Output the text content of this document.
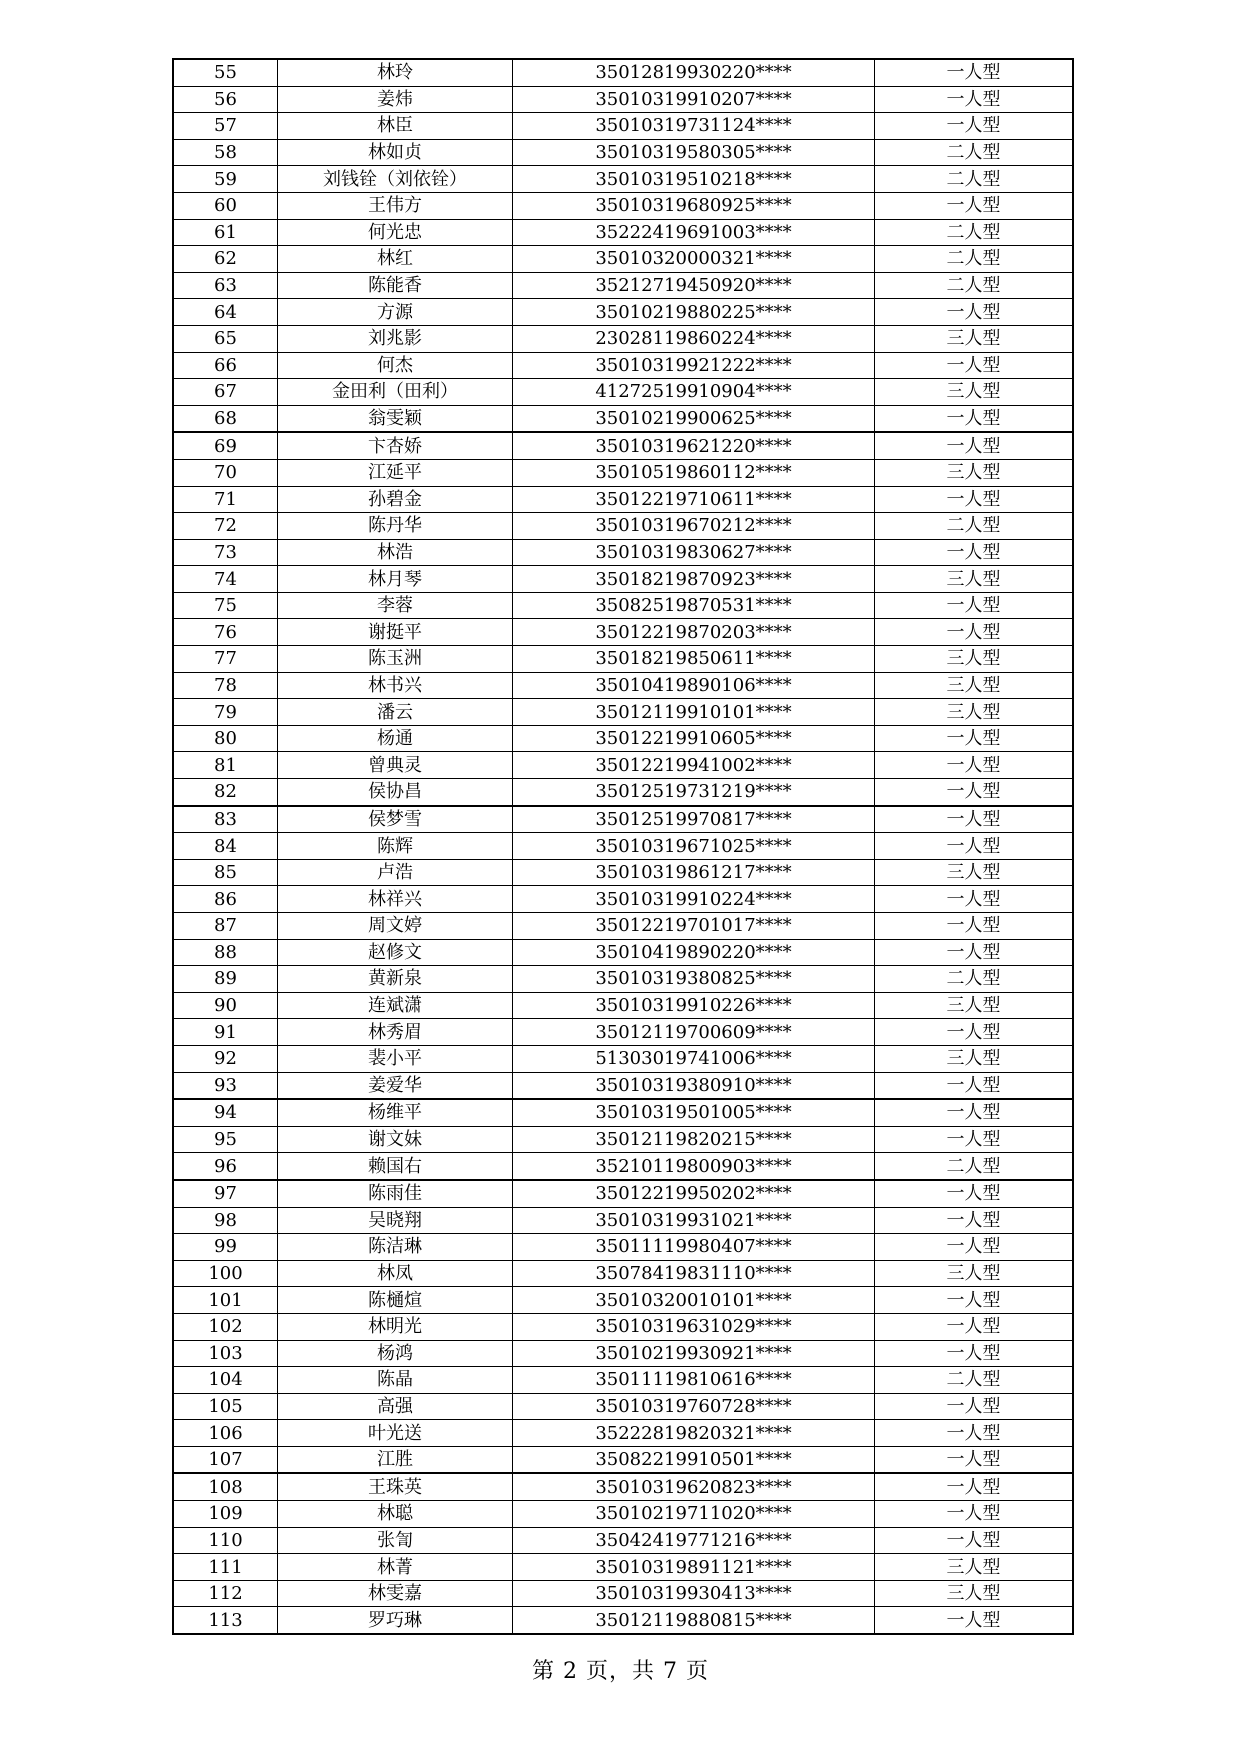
55	林玲	35012819930220****	一人型
56	姜炜	35010319910207****	一人型
57	林臣	35010319731124****	一人型
58	林如贞	35010319580305****	二人型
59	刘钱铨（刘依铨）	35010319510218****	二人型
60	王伟方	35010319680925****	一人型
61	何光忠	35222419691003****	二人型
62	林红	35010320000321****	二人型
63	陈能香	35212719450920****	二人型
64	方源	35010219880225****	一人型
65	刘兆影	23028119860224****	三人型
66	何杰	35010319921222****	一人型
67	金田利（田利）	41272519910904****	三人型
68	翁雯颖	35010219900625****	一人型
69	卞杏娇	35010319621220****	一人型
70	江延平	35010519860112****	三人型
71	孙碧金	35012219710611****	一人型
72	陈丹华	35010319670212****	二人型
73	林浩	35010319830627****	一人型
74	林月琴	35018219870923****	三人型
75	李蓉	35082519870531****	一人型
76	谢挺平	35012219870203****	一人型
77	陈玉洲	35018219850611****	三人型
78	林书兴	35010419890106****	三人型
79	潘云	35012119910101****	三人型
80	杨通	35012219910605****	一人型
81	曾典灵	35012219941002****	一人型
82	侯协昌	35012519731219****	一人型
83	侯梦雪	35012519970817****	一人型
84	陈辉	35010319671025****	一人型
85	卢浩	35010319861217****	三人型
86	林祥兴	35010319910224****	一人型
87	周文婷	35012219701017****	一人型
88	赵修文	35010419890220****	一人型
89	黄新泉	35010319380825****	二人型
90	连斌潇	35010319910226****	三人型
91	林秀眉	35012119700609****	一人型
92	裴小平	51303019741006****	三人型
93	姜爱华	35010319380910****	一人型
94	杨维平	35010319501005****	一人型
95	谢文妹	35012119820215****	一人型
96	赖国右	35210119800903****	二人型
97	陈雨佳	35012219950202****	一人型
98	吴晓翔	35010319931021****	一人型
99	陈洁琳	35011119980407****	一人型
100	林凤	35078419831110****	三人型
101	陈樋煊	35010320010101****	一人型
102	林明光	35010319631029****	一人型
103	杨鸿	35010219930921****	一人型
104	陈晶	35011119810616****	二人型
105	高强	35010319760728****	一人型
106	叶光送	35222819820321****	一人型
107	江胜	35082219910501****	一人型
108	王珠英	35010319620823****	一人型
109	林聪	35010219711020****	一人型
110	张訇	35042419771216****	一人型
111	林菁	35010319891121****	三人型
112	林雯嘉	35010319930413****	三人型
113	罗巧琳	35012119880815****	一人型
第 2 页，共 7 页
